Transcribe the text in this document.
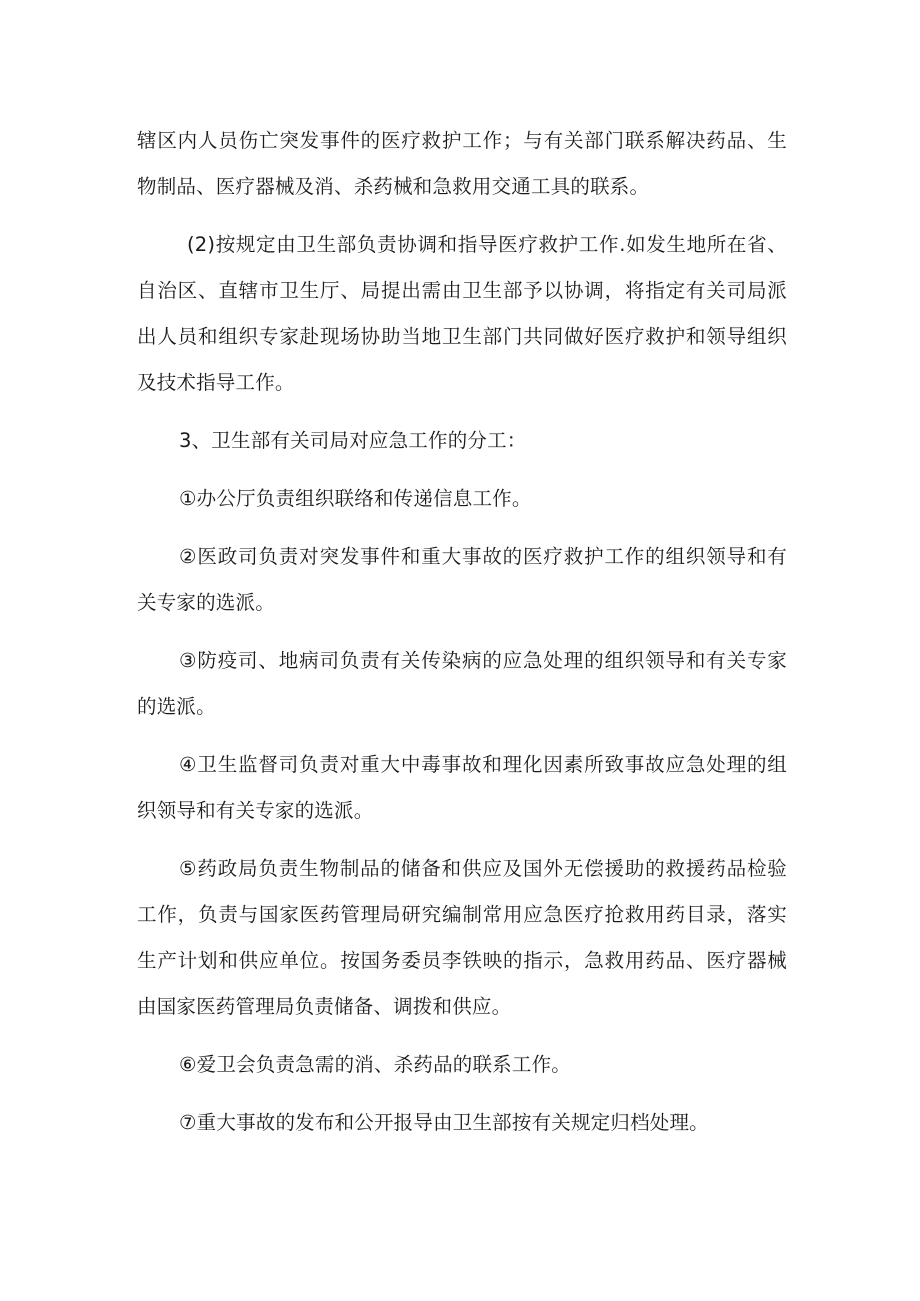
辖区内人员伤亡突发事件的医疗救护工作；与有关部门联系解决药品、生物制品、医疗器械及消、杀药械和急救用交通工具的联系。

(2)按规定由卫生部负责协调和指导医疗救护工作.如发生地所在省、自治区、直辖市卫生厅、局提出需由卫生部予以协调，将指定有关司局派出人员和组织专家赴现场协助当地卫生部门共同做好医疗救护和领导组织及技术指导工作。

3、卫生部有关司局对应急工作的分工：

①办公厅负责组织联络和传递信息工作。

②医政司负责对突发事件和重大事故的医疗救护工作的组织领导和有关专家的选派。

③防疫司、地病司负责有关传染病的应急处理的组织领导和有关专家的选派。

④卫生监督司负责对重大中毒事故和理化因素所致事故应急处理的组织领导和有关专家的选派。

⑤药政局负责生物制品的储备和供应及国外无偿援助的救援药品检验工作，负责与国家医药管理局研究编制常用应急医疗抢救用药目录，落实生产计划和供应单位。按国务委员李铁映的指示，急救用药品、医疗器械由国家医药管理局负责储备、调拨和供应。

⑥爱卫会负责急需的消、杀药品的联系工作。

⑦重大事故的发布和公开报导由卫生部按有关规定归档处理。
